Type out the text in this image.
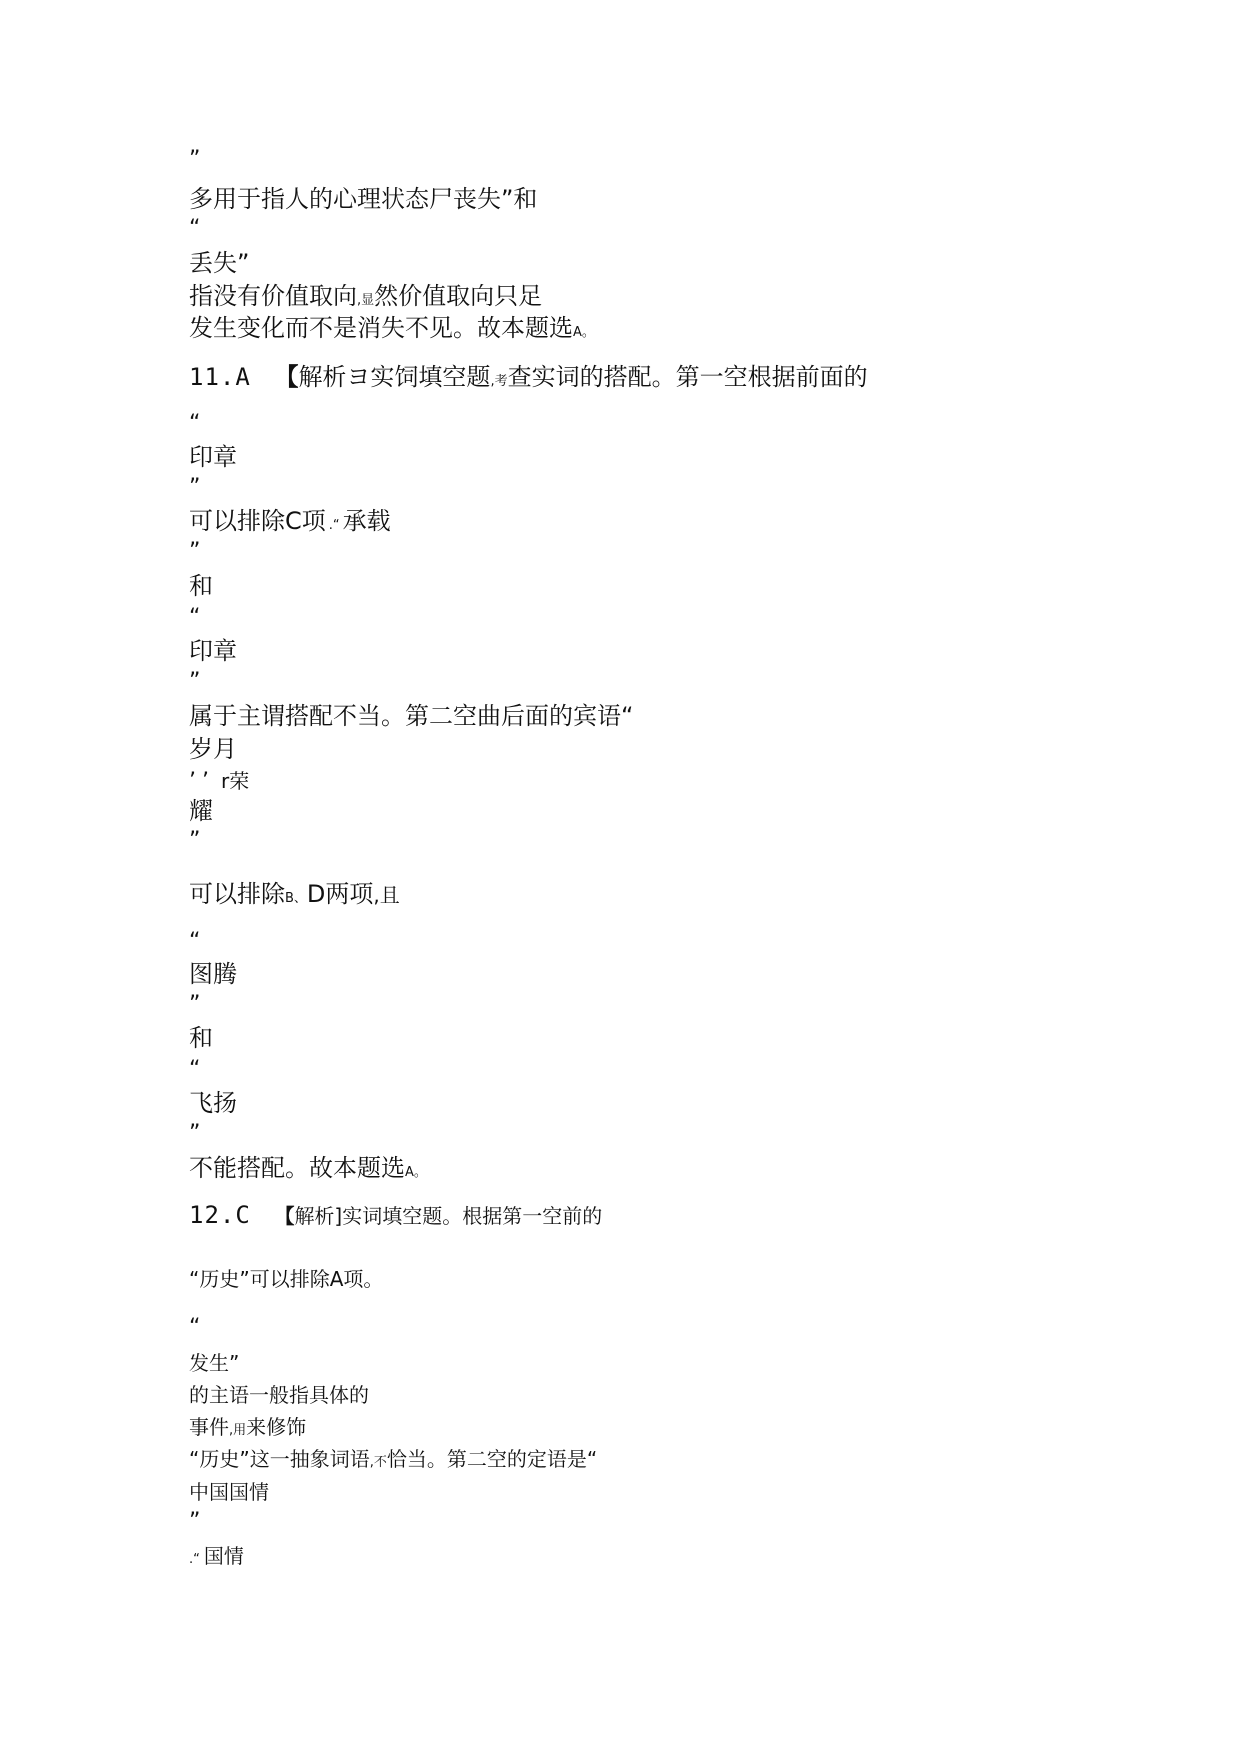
”
多用于指人的心理状态尸丧失”和
“
丢失”
指没有价值取向,显然价值取向只足
发生变化而不是消失不见。故本题选A。
11.A 【解析ヨ实饲填空题,考查实词的搭配。第一空根据前面的
“
印章
”
可以排除C项 .“ 承载
”
和
“
印章
”
属于主谓搭配不当。第二空曲后面的宾语“
岁月
’’ r荣
耀
”
可以排除B、D两项,且
“
图腾
”
和
“
飞扬
”
不能搭配。故本题选A。
12.C 【解析]实词填空题。根据第一空前的
“历史”可以排除A项。
“
发生”
的主语一般指具体的
事件,用来修饰
“历史”这一抽象词语,不恰当。第二空的定语是“
中国国情
”
.“ 国情
